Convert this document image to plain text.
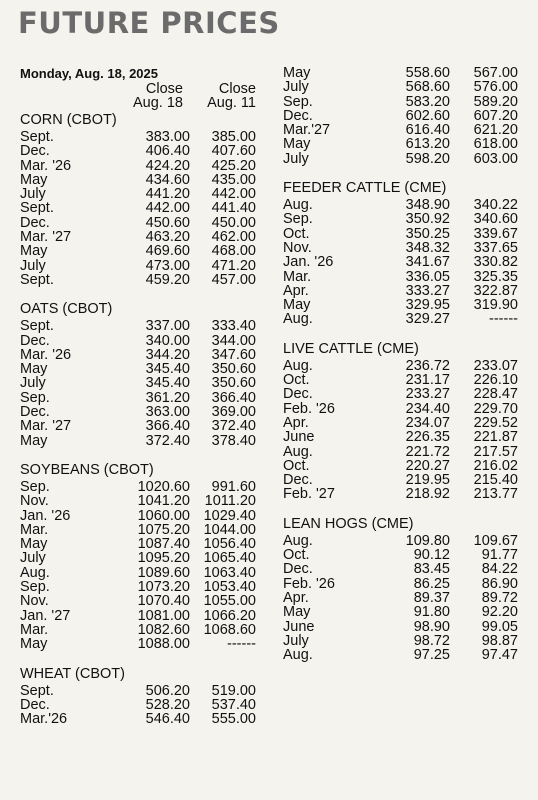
FUTURE PRICES
Monday, Aug. 18, 2025
Close
Aug. 18
Close
Aug. 11
CORN (CBOT)
Sept.	383.00	385.00
Dec.	406.40	407.60
Mar. '26	424.20	425.20
May	434.60	435.00
July	441.20	442.00
Sept.	442.00	441.40
Dec.	450.60	450.00
Mar. '27	463.20	462.00
May	469.60	468.00
July	473.00	471.20
Sept.	459.20	457.00
OATS (CBOT)
Sept.	337.00	333.40
Dec.	340.00	344.00
Mar. '26	344.20	347.60
May	345.40	350.60
July	345.40	350.60
Sep.	361.20	366.40
Dec.	363.00	369.00
Mar. '27	366.40	372.40
May	372.40	378.40
SOYBEANS (CBOT)
Sep.	1020.60	991.60
Nov.	1041.20	1011.20
Jan. '26	1060.00 1029.40
Mar.	1075.20 1044.00
May	1087.40 1056.40
July	1095.20 1065.40
Aug.	1089.60 1063.40
Sep.	1073.20 1053.40
Nov.	1070.40 1055.00
Jan. '27	1081.00 1066.20
Mar.	1082.60 1068.60
May	1088.00	------
WHEAT (CBOT)
Sept.	506.20	519.00
Dec.	528.20	537.40
Mar.'26	546.40	555.00
May	558.60	567.00
July	568.60	576.00
Sep.	583.20	589.20
Dec.	602.60	607.20
Mar.'27	616.40	621.20
May	613.20	618.00
July	598.20	603.00
FEEDER CATTLE (CME)
Aug.	348.90	340.22
Sep.	350.92	340.60
Oct.	350.25	339.67
Nov.	348.32	337.65
Jan. '26	341.67	330.82
Mar.	336.05	325.35
Apr.	333.27	322.87
May	329.95	319.90
Aug.	329.27	------
LIVE CATTLE (CME)
Aug.	236.72	233.07
Oct.	231.17	226.10
Dec.	233.27	228.47
Feb. '26	234.40	229.70
Apr.	234.07	229.52
June	226.35	221.87
Aug.	221.72	217.57
Oct.	220.27	216.02
Dec.	219.95	215.40
Feb. '27	218.92	213.77
LEAN HOGS (CME)
Aug.	109.80	109.67
Oct.	90.12	91.77
Dec.	83.45	84.22
Feb. '26	86.25	86.90
Apr.	89.37	89.72
May	91.80	92.20
June	98.90	99.05
July	98.72	98.87
Aug.	97.25	97.47
